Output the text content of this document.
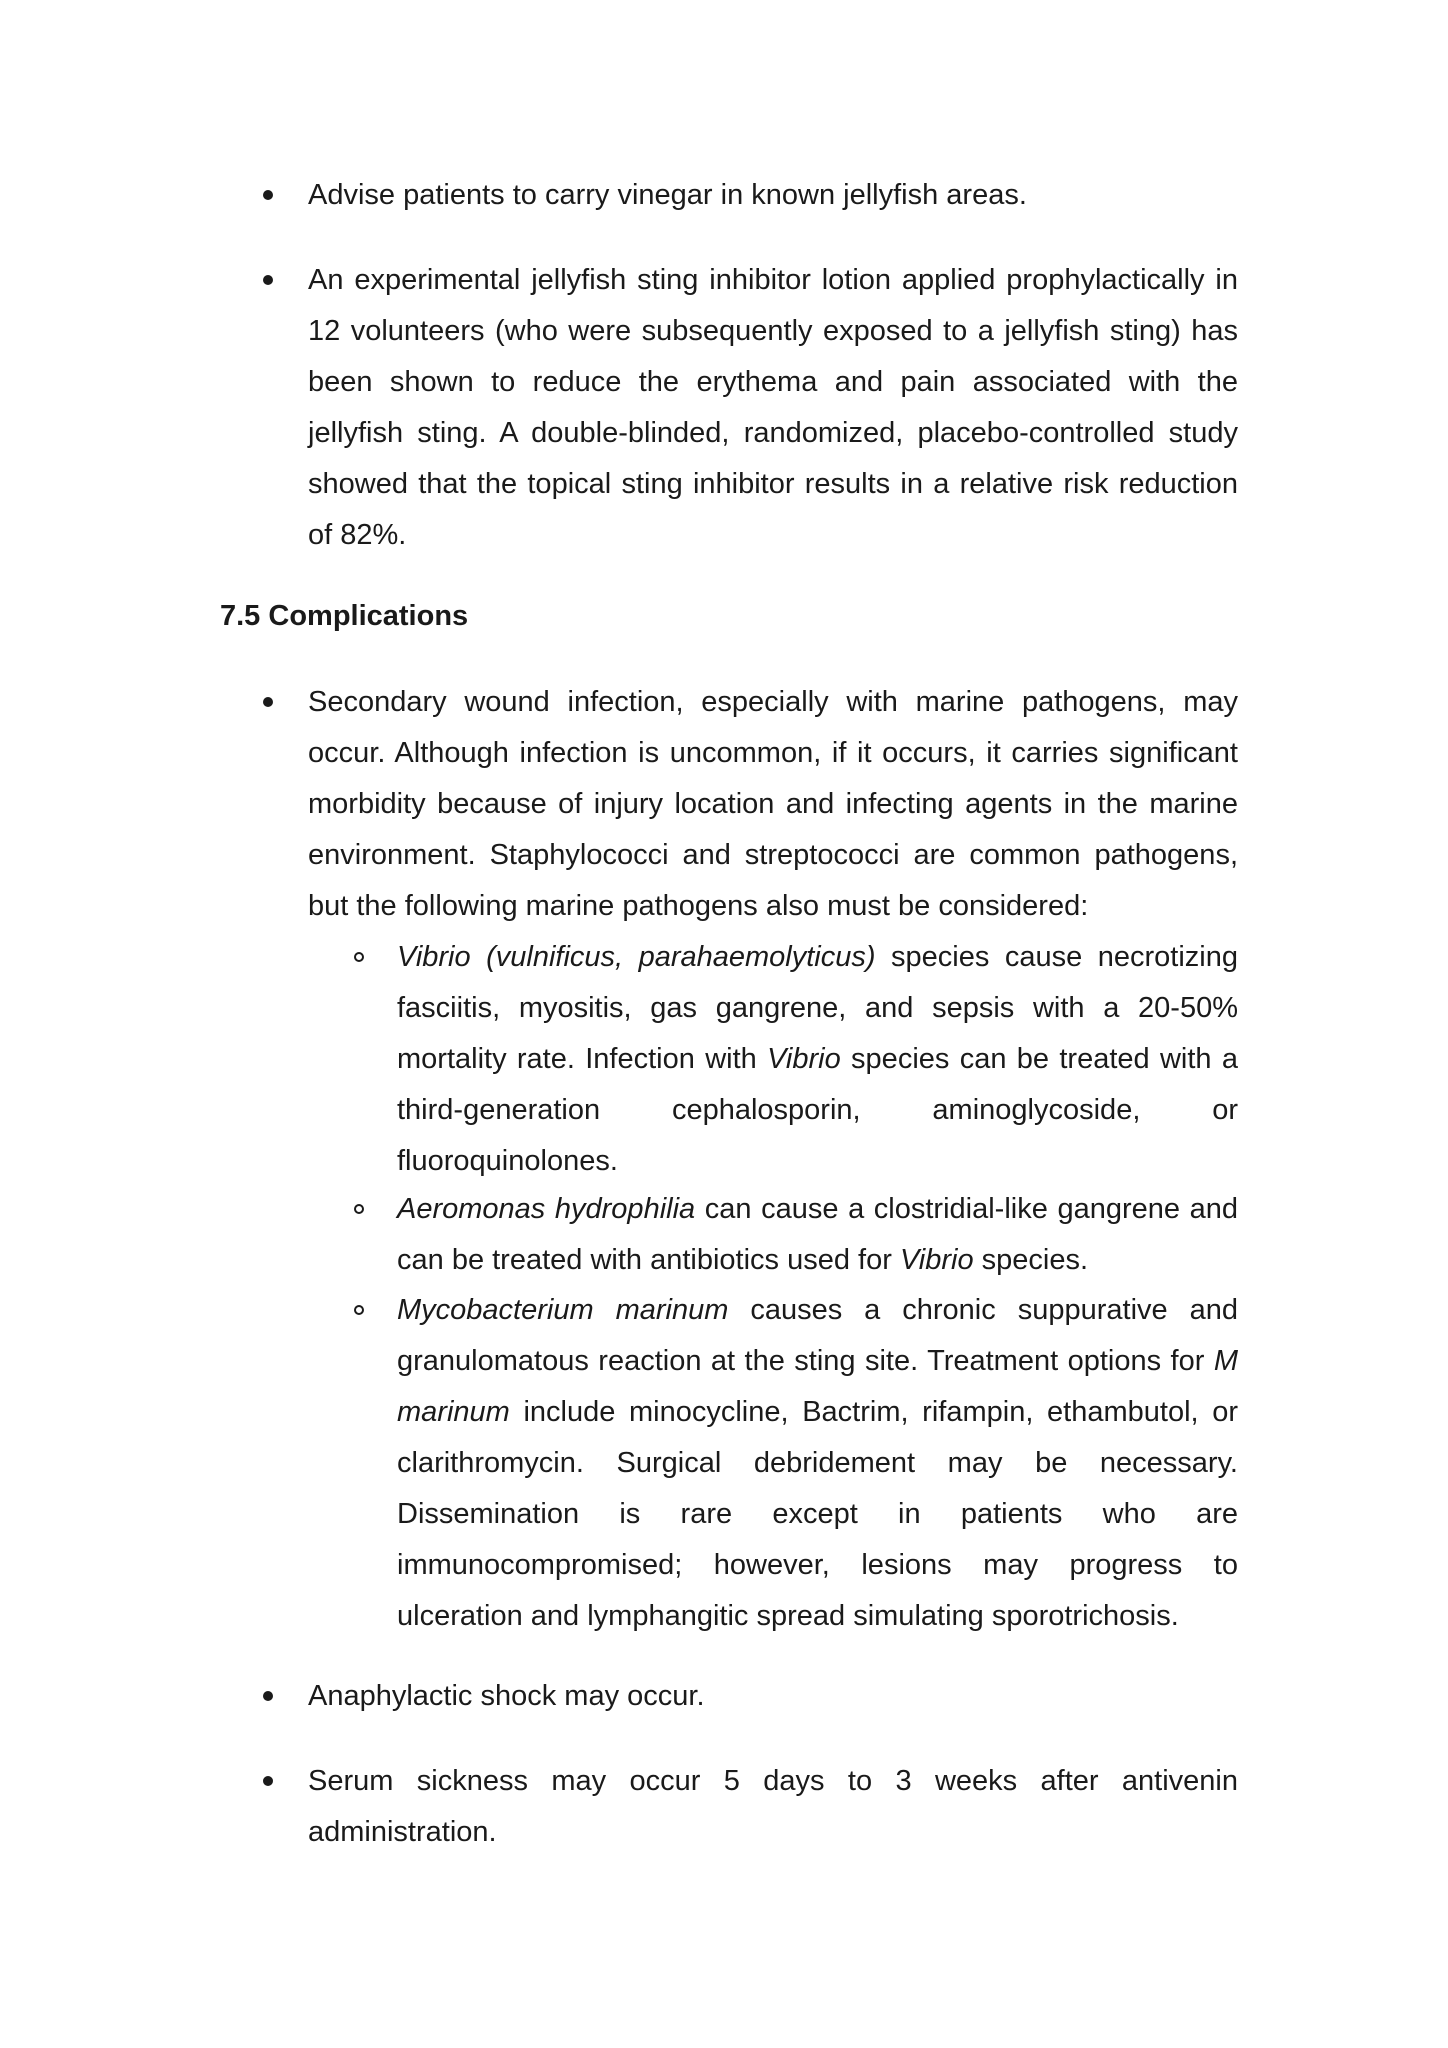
Advise patients to carry vinegar in known jellyfish areas.
An experimental jellyfish sting inhibitor lotion applied prophylactically in 12 volunteers (who were subsequently exposed to a jellyfish sting) has been shown to reduce the erythema and pain associated with the jellyfish sting. A double-blinded, randomized, placebo-controlled study showed that the topical sting inhibitor results in a relative risk reduction of 82%.
7.5 Complications
Secondary wound infection, especially with marine pathogens, may occur. Although infection is uncommon, if it occurs, it carries significant morbidity because of injury location and infecting agents in the marine environment. Staphylococci and streptococci are common pathogens, but the following marine pathogens also must be considered:
Vibrio (vulnificus, parahaemolyticus) species cause necrotizing fasciitis, myositis, gas gangrene, and sepsis with a 20-50% mortality rate. Infection with Vibrio species can be treated with a third-generation cephalosporin, aminoglycoside, or fluoroquinolones.
Aeromonas hydrophilia can cause a clostridial-like gangrene and can be treated with antibiotics used for Vibrio species.
Mycobacterium marinum causes a chronic suppurative and granulomatous reaction at the sting site. Treatment options for M marinum include minocycline, Bactrim, rifampin, ethambutol, or clarithromycin. Surgical debridement may be necessary. Dissemination is rare except in patients who are immunocompromised; however, lesions may progress to ulceration and lymphangitic spread simulating sporotrichosis.
Anaphylactic shock may occur.
Serum sickness may occur 5 days to 3 weeks after antivenin administration.
